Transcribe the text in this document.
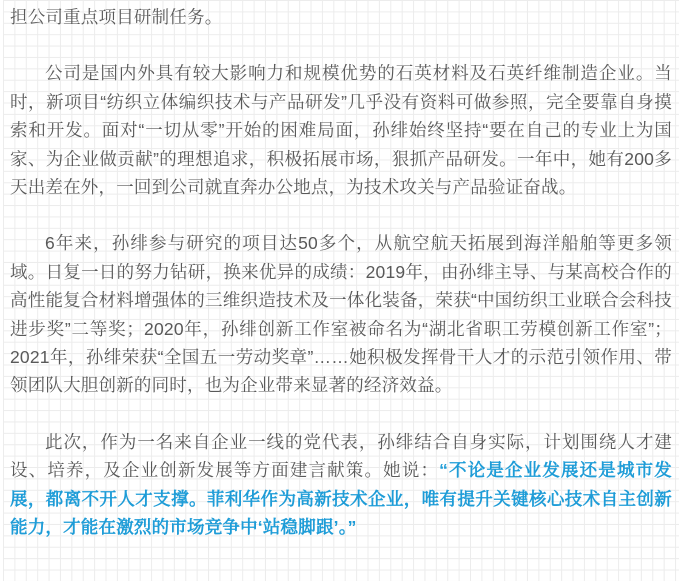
担公司重点项目研制任务。

公司是国内外具有较大影响力和规模优势的石英材料及石英纤维制造企业。当时，新项目“纺织立体编织技术与产品研发”几乎没有资料可做参照，完全要靠自身摸索和开发。面对“一切从零”开始的困难局面，孙绯始终坚持“要在自己的专业上为国家、为企业做贡献”的理想追求，积极拓展市场，狠抓产品研发。一年中，她有200多天出差在外，一回到公司就直奔办公地点，为技术攻关与产品验证奋战。

6年来，孙绯参与研究的项目达50多个，从航空航天拓展到海洋船舶等更多领域。日复一日的努力钻研，换来优异的成绩：2019年，由孙绯主导、与某高校合作的高性能复合材料增强体的三维织造技术及一体化装备，荣获“中国纺织工业联合会科技进步奖”二等奖；2020年，孙绯创新工作室被命名为“湖北省职工劳模创新工作室”；2021年，孙绯荣获“全国五一劳动奖章”……她积极发挥骨干人才的示范引领作用、带领团队大胆创新的同时，也为企业带来显著的经济效益。

此次，作为一名来自企业一线的党代表，孙绯结合自身实际，计划围绕人才建设、培养，及企业创新发展等方面建言献策。她说：“不论是企业发展还是城市发展，都离不开人才支撑。菲利华作为高新技术企业，唯有提升关键核心技术自主创新能力，才能在激烈的市场竞争中‘站稳脚跟’。”
